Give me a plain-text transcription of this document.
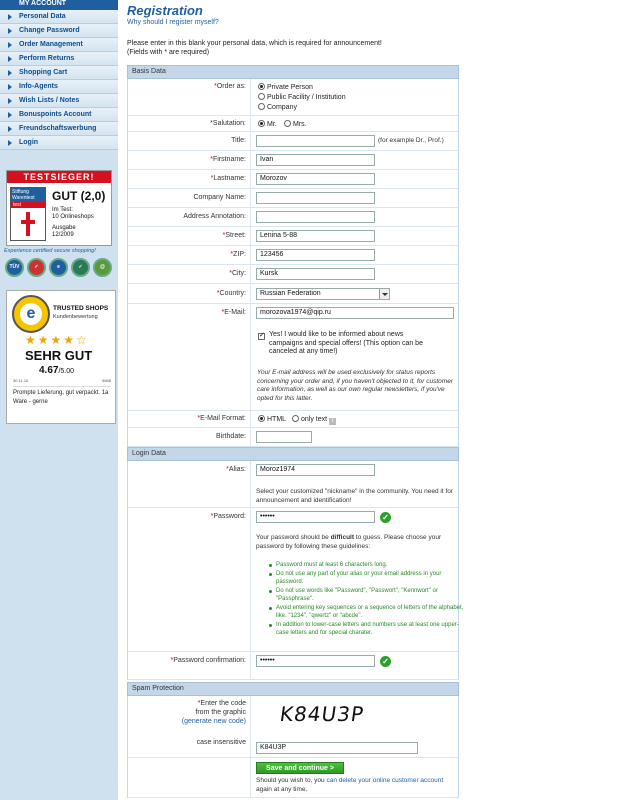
MY ACCOUNT
Personal Data
Change Password
Order Management
Perform Returns
Shopping Cart
Info-Agents
Wish Lists / Notes
Bonuspoints Account
Freundschaftswerbung
Login
TESTSIEGER!
Stiftung Warentest
test
GUT (2,0)
Im Test:
10 Onlineshops
Ausgabe
12/2009
Experience certified secure shopping!
TÜV	✓	e	✓	@
e	TRUSTED SHOPS
Kundenbewertung
★★★★☆
SEHR GUT
4.67/5.00
30.11.10	6668
Prompte Lieferung, gut verpackt. 1a Ware - gerne
Registration
Why should I register myself?
Please enter in this blank your personal data, which is required for announcement!
(Fields with * are required)
Basis Data
*Order as:	Private Person
Public Facility / Institution
Company
*Salutation:	Mr.	Mrs.
Title:	(for example Dr., Prof.)
*Firstname:	Ivan
*Lastname:	Morozov
Company Name:
Address Annotation:
*Street:	Lenina 5-88
*ZIP:	123456
*City:	Kursk
*Country:	Russian Federation
*E-Mail:	morozova1974@qip.ru
✓
Yes! I would like to be informed about news campaigns and special offers! (This option can be canceled at any time!)
Your E-mail address will be used exclusively for status reports concerning your order and, if you haven't objected to it, for customer care information, as well as our own regular newsletters, if you've opted for this latter.
*E-Mail Format:	HTML	only text i
Birthdate:
Login Data
*Alias:	Moroz1974
Select your customized "nickname" in the community. You need it for announcement and identification!
*Password:	••••••	✓
Your password should be difficult to guess. Please choose your password by following these guidelines:
Password must at least 6 characters long.
Do not use any part of your alias or your email address in your password.
Do not use words like "Password", "Passwort", "Kennwort" or "Passphrase".
Avoid entering key sequences or a sequence of letters of the alphabet, like. "1234", "qwertz" or "abcde".
In addition to lower-case letters and numbers use at least one upper-case letters and for special charater.
*Password confirmation:	••••••	✓
Spam Protection
*Enter the code
from the graphic
(generate new code)
case insensitive
K84U3P
K84U3P
Save and continue >
Should you wish to, you can delete your online customer account again at any time.
